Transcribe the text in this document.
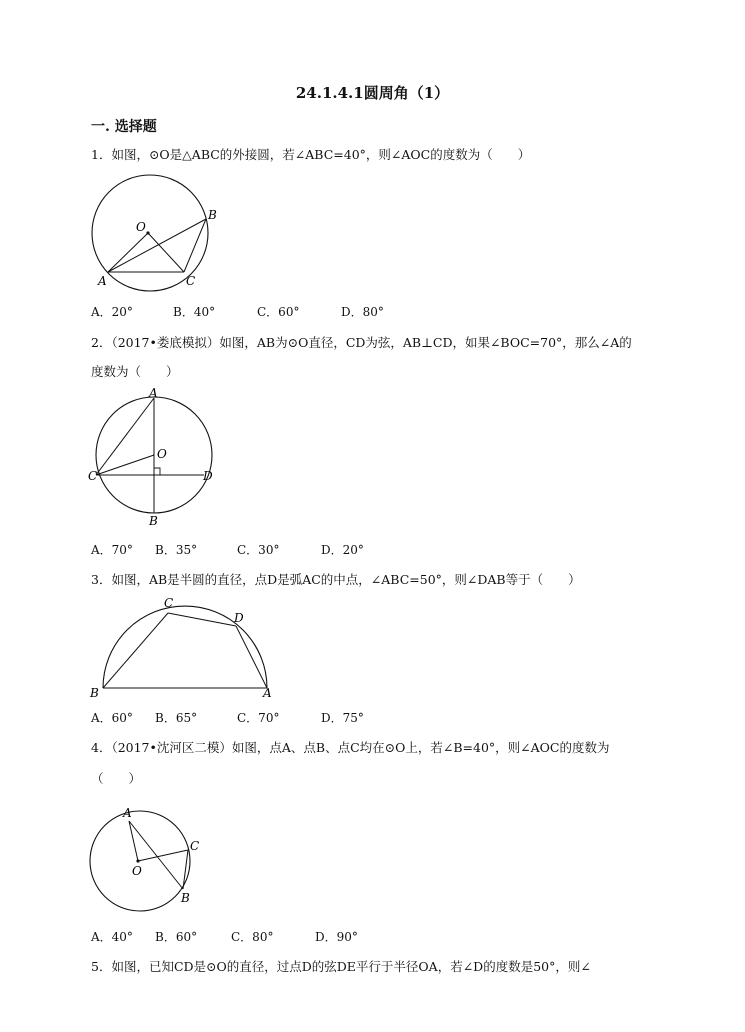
24.1.4.1圆周角（1）
一. 选择题
1．如图，⊙O是△ABC的外接圆，若∠ABC=40°，则∠AOC的度数为（　　）
O
B
A	C
A．20°	B．40°	C．60°	D．80°
2．（2017•娄底模拟）如图，AB为⊙O直径，CD为弦，AB⊥CD，如果∠BOC=70°，那么∠A的
度数为（　　）
A
O
C	D
B
A．70° B．35°	C．30°	D．20°
3．如图，AB是半圆的直径，点D是弧AC的中点，∠ABC=50°，则∠DAB等于（　　）
C
D
B	A
A．60° B．65°	C．70°	D．75°
4．（2017•沈河区二模）如图，点A、点B、点C均在⊙O上，若∠B=40°，则∠AOC的度数为
（　　）
A
C
O
B
A．40° B．60°	C．80°	D．90°
5．如图，已知CD是⊙O的直径，过点D的弦DE平行于半径OA，若∠D的度数是50°，则∠
